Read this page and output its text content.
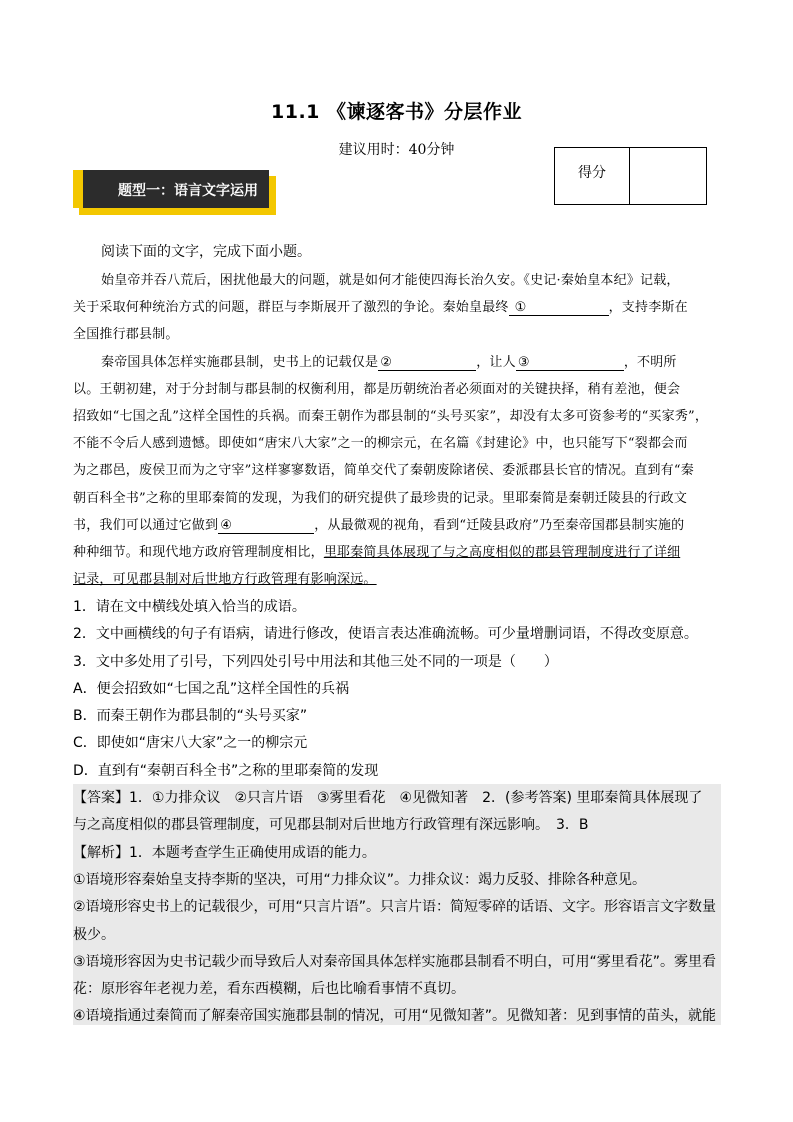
11.1 《谏逐客书》分层作业
建议用时：40分钟
得分
题型一：语言文字运用
阅读下面的文字，完成下面小题。
始皇帝并吞八荒后，困扰他最大的问题，就是如何才能使四海长治久安。《史记·秦始皇本纪》记载，
关于采取何种统治方式的问题，群臣与李斯展开了激烈的争论。秦始皇最终 ①	，支持李斯在
全国推行郡县制。
秦帝国具体怎样实施郡县制，史书上的记载仅是 ②	，让人 ③	，不明所
以。王朝初建，对于分封制与郡县制的权衡利用，都是历朝统治者必须面对的关键抉择，稍有差池，便会
招致如“七国之乱”这样全国性的兵祸。而秦王朝作为郡县制的“头号买家”，却没有太多可资参考的“买家秀”，
不能不令后人感到遗憾。即使如“唐宋八大家”之一的柳宗元，在名篇《封建论》中，也只能写下“裂都会而
为之郡邑，废侯卫而为之守宰”这样寥寥数语，简单交代了秦朝废除诸侯、委派郡县长官的情况。直到有“秦
朝百科全书”之称的里耶秦简的发现，为我们的研究提供了最珍贵的记录。里耶秦简是秦朝迁陵县的行政文
书，我们可以通过它做到 ④	，从最微观的视角，看到“迁陵县政府”乃至秦帝国郡县制实施的
种种细节。和现代地方政府管理制度相比，里耶秦简具体展现了与之高度相似的郡县管理制度进行了详细
记录，可见郡县制对后世地方行政管理有影响深远。
1．请在文中横线处填入恰当的成语。
2．文中画横线的句子有语病，请进行修改，使语言表达准确流畅。可少量增删词语，不得改变原意。
3．文中多处用了引号，下列四处引号中用法和其他三处不同的一项是（　　）
A．便会招致如“七国之乱”这样全国性的兵祸
B．而秦王朝作为郡县制的“头号买家”
C．即使如“唐宋八大家”之一的柳宗元
D．直到有“秦朝百科全书”之称的里耶秦简的发现
【答案】1．①力排众议　②只言片语　③雾里看花　④见微知著　2．(参考答案) 里耶秦简具体展现了
与之高度相似的郡县管理制度，可见郡县制对后世地方行政管理有深远影响。　3．B
【解析】1．本题考查学生正确使用成语的能力。
①语境形容秦始皇支持李斯的坚决，可用“力排众议”。力排众议：竭力反驳、排除各种意见。
②语境形容史书上的记载很少，可用“只言片语”。只言片语：简短零碎的话语、文字。形容语言文字数量
极少。
③语境形容因为史书记载少而导致后人对秦帝国具体怎样实施郡县制看不明白，可用“雾里看花”。雾里看
花：原形容年老视力差，看东西模糊，后也比喻看事情不真切。
④语境指通过秦简而了解秦帝国实施郡县制的情况，可用“见微知著”。见微知著：见到事情的苗头，就能
